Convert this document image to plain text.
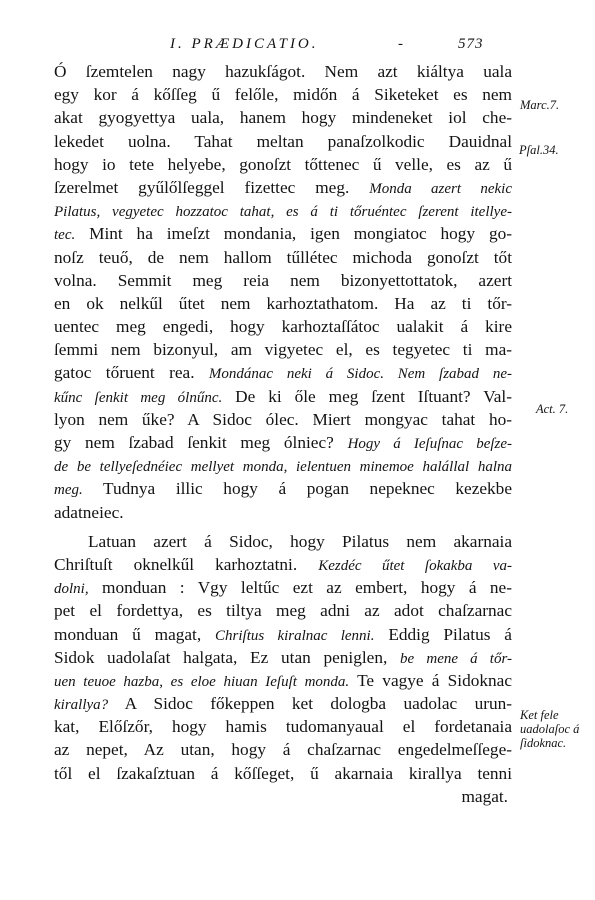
I. PRÆDICATIO.	-	573
Ó ſzemtelen nagy hazukſágot. Nem azt kiáltya uala
egy kor á kőſſeg ű felőle, midőn á Siketeket es nem
akat gyogyettya uala, hanem hogy mindeneket iol che-
lekedet uolna. Tahat meltan panaſzolkodic Dauidnal
hogy io tete helyebe, gonoſzt tőttenec ű velle, es az ű
ſzerelmet gyűlőlſeggel fizettec meg. Monda azert nekic
Pilatus, vegyetec hozzatoc tahat, es á ti tőruéntec ſzerent itellye-
tec. Mint ha imeſzt mondania, igen mongiatoc hogy go-
noſz teuő, de nem hallom tűllétec michoda gonoſzt tőt
volna. Semmit meg reia nem bizonyettottatok, azert
en ok nelkűl űtet nem karhoztathatom. Ha az ti tőr-
uentec meg engedi, hogy karhoztaſſátoc ualakit á kire
ſemmi nem bizonyul, am vigyetec el, es tegyetec ti ma-
gatoc tőruent rea. Mondánac neki á Sidoc. Nem ſzabad ne-
kűnc ſenkit meg ólnűnc. De ki őle meg ſzent Iſtuant? Val-
lyon nem űke? A Sidoc ólec. Miert mongyac tahat ho-
gy nem ſzabad ſenkit meg ólniec? Hogy á Ieſuſnac beſze-
de be tellyeſednéiec mellyet monda, ielentuen minemoe halállal halna
meg. Tudnya illic hogy á pogan nepeknec kezekbe
adatneiec.
Latuan azert á Sidoc, hogy Pilatus nem akarnaia
Chriſtuſt oknelkűl karhoztatni. Kezdéc űtet ſokakba va-
dolni, monduan : Vgy leltűc ezt az embert, hogy á ne-
pet el fordettya, es tiltya meg adni az adot chaſzarnac
monduan ű magat, Chriſtus kiralnac lenni. Eddig Pilatus á
Sidok uadolaſat halgata, Ez utan peniglen, be mene á tőr-
uen teuoe hazba, es eloe hiuan Ieſuſt monda. Te vagye á Sidoknac
kirallya? A Sidoc főkeppen ket dologba uadolac urun-
kat, Előſzőr, hogy hamis tudomanyaual el fordetanaia
az nepet, Az utan, hogy á chaſzarnac engedelmeſſege-
től el ſzakaſztuan á kőſſeget, ű akarnaia kirallya tenni
magat.
Marc.7.
Pſal.34.
Act. 7.
Ket fele
uadolaſoc á
ſidoknac.
